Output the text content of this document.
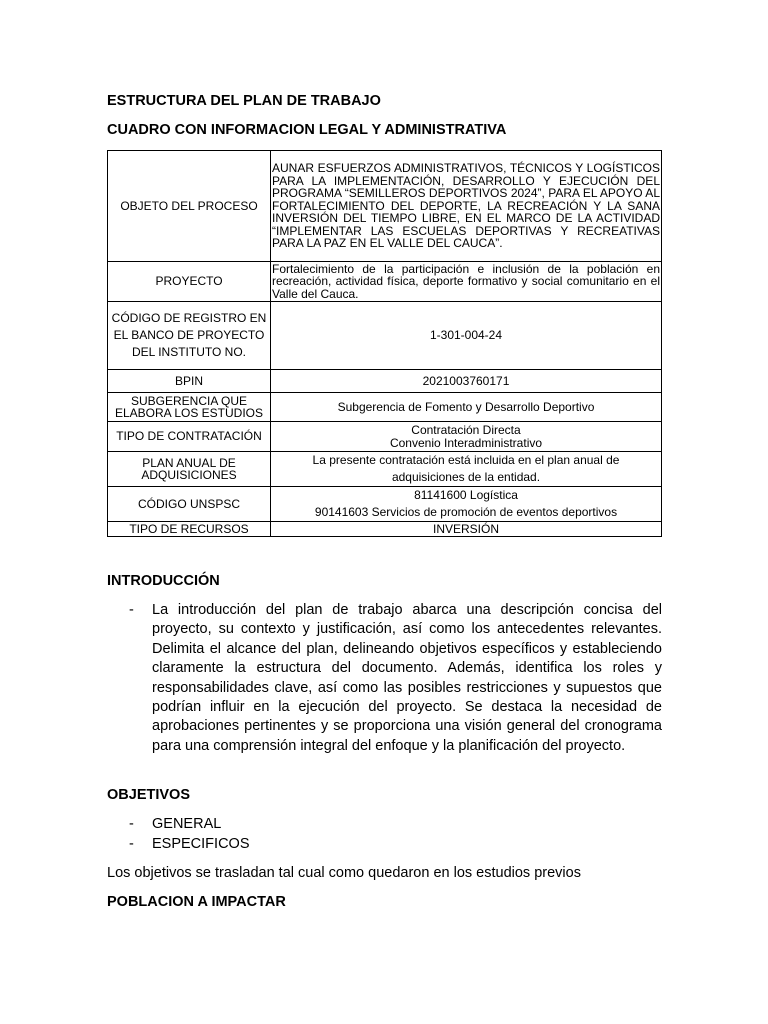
ESTRUCTURA DEL PLAN DE TRABAJO
CUADRO CON INFORMACION LEGAL Y ADMINISTRATIVA
OBJETO DEL PROCESO	AUNAR ESFUERZOS ADMINISTRATIVOS, TÉCNICOS Y LOGÍSTICOS PARA LA IMPLEMENTACIÓN, DESARROLLO Y EJECUCIÓN DEL PROGRAMA “SEMILLEROS DEPORTIVOS 2024”, PARA EL APOYO AL FORTALECIMIENTO DEL DEPORTE, LA RECREACIÓN Y LA SANA INVERSIÓN DEL TIEMPO LIBRE, EN EL MARCO DE LA ACTIVIDAD “IMPLEMENTAR LAS ESCUELAS DEPORTIVAS Y RECREATIVAS PARA LA PAZ EN EL VALLE DEL CAUCA”.
PROYECTO	Fortalecimiento de la participación e inclusión de la población en recreación, actividad física, deporte formativo y social comunitario en el Valle del Cauca.

CÓDIGO DE REGISTRO EN EL BANCO DE PROYECTO DEL INSTITUTO NO.	1-301-004-24
BPIN	2021003760171
SUBGERENCIA QUE ELABORA LOS ESTUDIOS	Subgerencia de Fomento y Desarrollo Deportivo
TIPO DE CONTRATACIÓN	Contratación Directa
Convenio Interadministrativo

PLAN ANUAL DE ADQUISICIONES	La presente contratación está incluida en el plan anual de
adquisiciones de la entidad.

CÓDIGO UNSPSC	81141600 Logística
90141603 Servicios de promoción de eventos deportivos

TIPO DE RECURSOS	INVERSIÓN
INTRODUCCIÓN
- La introducción del plan de trabajo abarca una descripción concisa del proyecto, su contexto y justificación, así como los antecedentes relevantes. Delimita el alcance del plan, delineando objetivos específicos y estableciendo claramente la estructura del documento. Además, identifica los roles y responsabilidades clave, así como las posibles restricciones y supuestos que podrían influir en la ejecución del proyecto. Se destaca la necesidad de aprobaciones pertinentes y se proporciona una visión general del cronograma para una comprensión integral del enfoque y la planificación del proyecto.
OBJETIVOS
- GENERAL
- ESPECIFICOS

Los objetivos se trasladan tal cual como quedaron en los estudios previos

POBLACION A IMPACTAR
